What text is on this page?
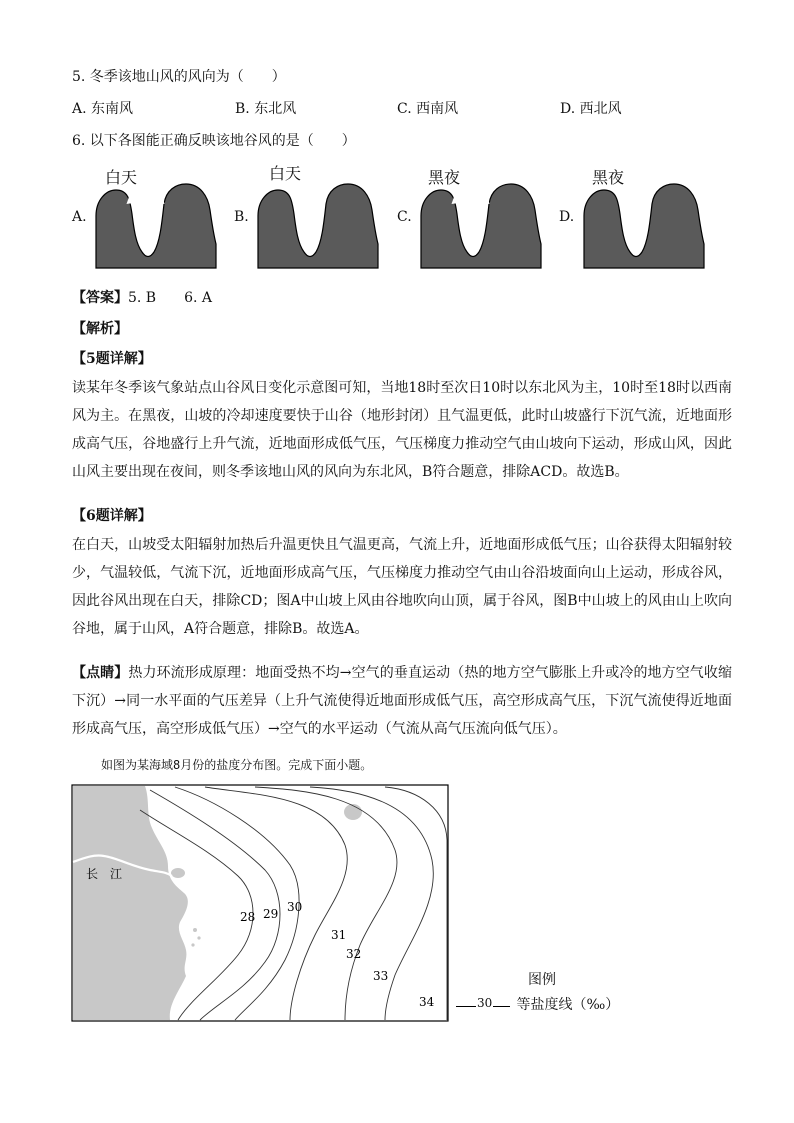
5. 冬季该地山风的风向为（　　）
A. 东南风	B. 东北风	C. 西南风	D. 西北风
6. 以下各图能正确反映该地谷风的是（　　）
A.
白天
B.
白天
C.
黑夜
D.
黑夜
【答案】5. B　　6. A
【解析】
【5题详解】
读某年冬季该气象站点山谷风日变化示意图可知，当地18时至次日10时以东北风为主，10时至18时以西南风为主。在黑夜，山坡的冷却速度要快于山谷（地形封闭）且气温更低，此时山坡盛行下沉气流，近地面形成高气压，谷地盛行上升气流，近地面形成低气压，气压梯度力推动空气由山坡向下运动，形成山风，因此山风主要出现在夜间，则冬季该地山风的风向为东北风，B符合题意，排除ACD。故选B。
【6题详解】
在白天，山坡受太阳辐射加热后升温更快且气温更高，气流上升，近地面形成低气压；山谷获得太阳辐射较少，气温较低，气流下沉，近地面形成高气压，气压梯度力推动空气由山谷沿坡面向山上运动，形成谷风，因此谷风出现在白天，排除CD；图A中山坡上风由谷地吹向山顶，属于谷风，图B中山坡上的风由山上吹向谷地，属于山风，A符合题意，排除B。故选A。
【点睛】热力环流形成原理：地面受热不均→空气的垂直运动（热的地方空气膨胀上升或冷的地方空气收缩下沉）→同一水平面的气压差异（上升气流使得近地面形成低气压，高空形成高气压，下沉气流使得近地面形成高气压，高空形成低气压）→空气的水平运动（气流从高气压流向低气压）。
如图为某海域8月份的盐度分布图。完成下面小题。
长　江
28 29 30
31
32
33
34
图例
30 等盐度线（‰）
